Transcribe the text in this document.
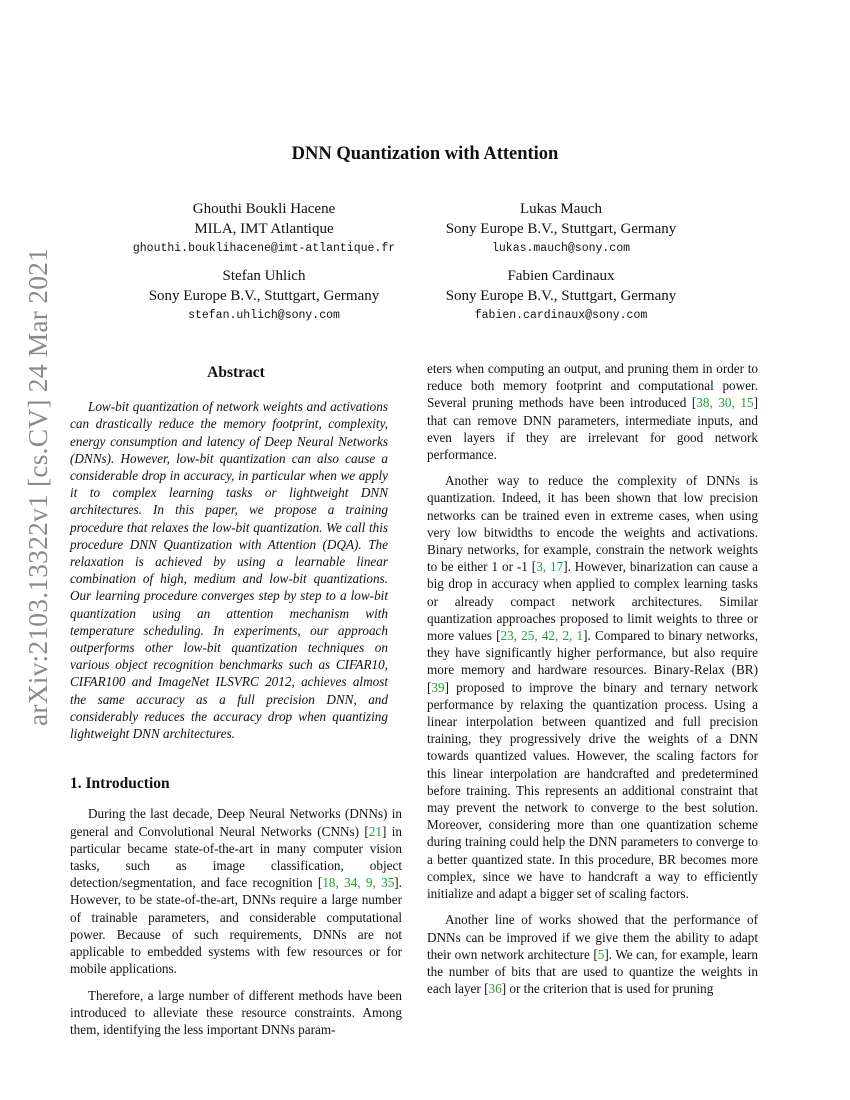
arXiv:2103.13322v1 [cs.CV] 24 Mar 2021
DNN Quantization with Attention
Ghouthi Boukli Hacene
MILA, IMT Atlantique
ghouthi.bouklihacene@imt-atlantique.fr
Lukas Mauch
Sony Europe B.V., Stuttgart, Germany
lukas.mauch@sony.com
Stefan Uhlich
Sony Europe B.V., Stuttgart, Germany
stefan.uhlich@sony.com
Fabien Cardinaux
Sony Europe B.V., Stuttgart, Germany
fabien.cardinaux@sony.com
Abstract
Low-bit quantization of network weights and activations can drastically reduce the memory footprint, complexity, energy consumption and latency of Deep Neural Networks (DNNs). However, low-bit quantization can also cause a considerable drop in accuracy, in particular when we apply it to complex learning tasks or lightweight DNN architectures. In this paper, we propose a training procedure that relaxes the low-bit quantization. We call this procedure DNN Quantization with Attention (DQA). The relaxation is achieved by using a learnable linear combination of high, medium and low-bit quantizations. Our learning procedure converges step by step to a low-bit quantization using an attention mechanism with temperature scheduling. In experiments, our approach outperforms other low-bit quantization techniques on various object recognition benchmarks such as CIFAR10, CIFAR100 and ImageNet ILSVRC 2012, achieves almost the same accuracy as a full precision DNN, and considerably reduces the accuracy drop when quantizing lightweight DNN architectures.
1. Introduction

During the last decade, Deep Neural Networks (DNNs) in general and Convolutional Neural Networks (CNNs) [21] in particular became state-of-the-art in many computer vision tasks, such as image classification, object detection/segmentation, and face recognition [18, 34, 9, 35]. However, to be state-of-the-art, DNNs require a large number of trainable parameters, and considerable computational power. Because of such requirements, DNNs are not applicable to embedded systems with few resources or for mobile applications.

Therefore, a large number of different methods have been introduced to alleviate these resource constraints. Among them, identifying the less important DNNs param-

eters when computing an output, and pruning them in order to reduce both memory footprint and computational power. Several pruning methods have been introduced [38, 30, 15] that can remove DNN parameters, intermediate inputs, and even layers if they are irrelevant for good network performance.

Another way to reduce the complexity of DNNs is quantization. Indeed, it has been shown that low precision networks can be trained even in extreme cases, when using very low bitwidths to encode the weights and activations. Binary networks, for example, constrain the network weights to be either 1 or -1 [3, 17]. However, binarization can cause a big drop in accuracy when applied to complex learning tasks or already compact network architectures. Similar quantization approaches proposed to limit weights to three or more values [23, 25, 42, 2, 1]. Compared to binary networks, they have significantly higher performance, but also require more memory and hardware resources. Binary-Relax (BR) [39] proposed to improve the binary and ternary network performance by relaxing the quantization process. Using a linear interpolation between quantized and full precision training, they progressively drive the weights of a DNN towards quantized values. However, the scaling factors for this linear interpolation are handcrafted and predetermined before training. This represents an additional constraint that may prevent the network to converge to the best solution. Moreover, considering more than one quantization scheme during training could help the DNN parameters to converge to a better quantized state. In this procedure, BR becomes more complex, since we have to handcraft a way to efficiently initialize and adapt a bigger set of scaling factors.

Another line of works showed that the performance of DNNs can be improved if we give them the ability to adapt their own network architecture [5]. We can, for example, learn the number of bits that are used to quantize the weights in each layer [36] or the criterion that is used for pruning
